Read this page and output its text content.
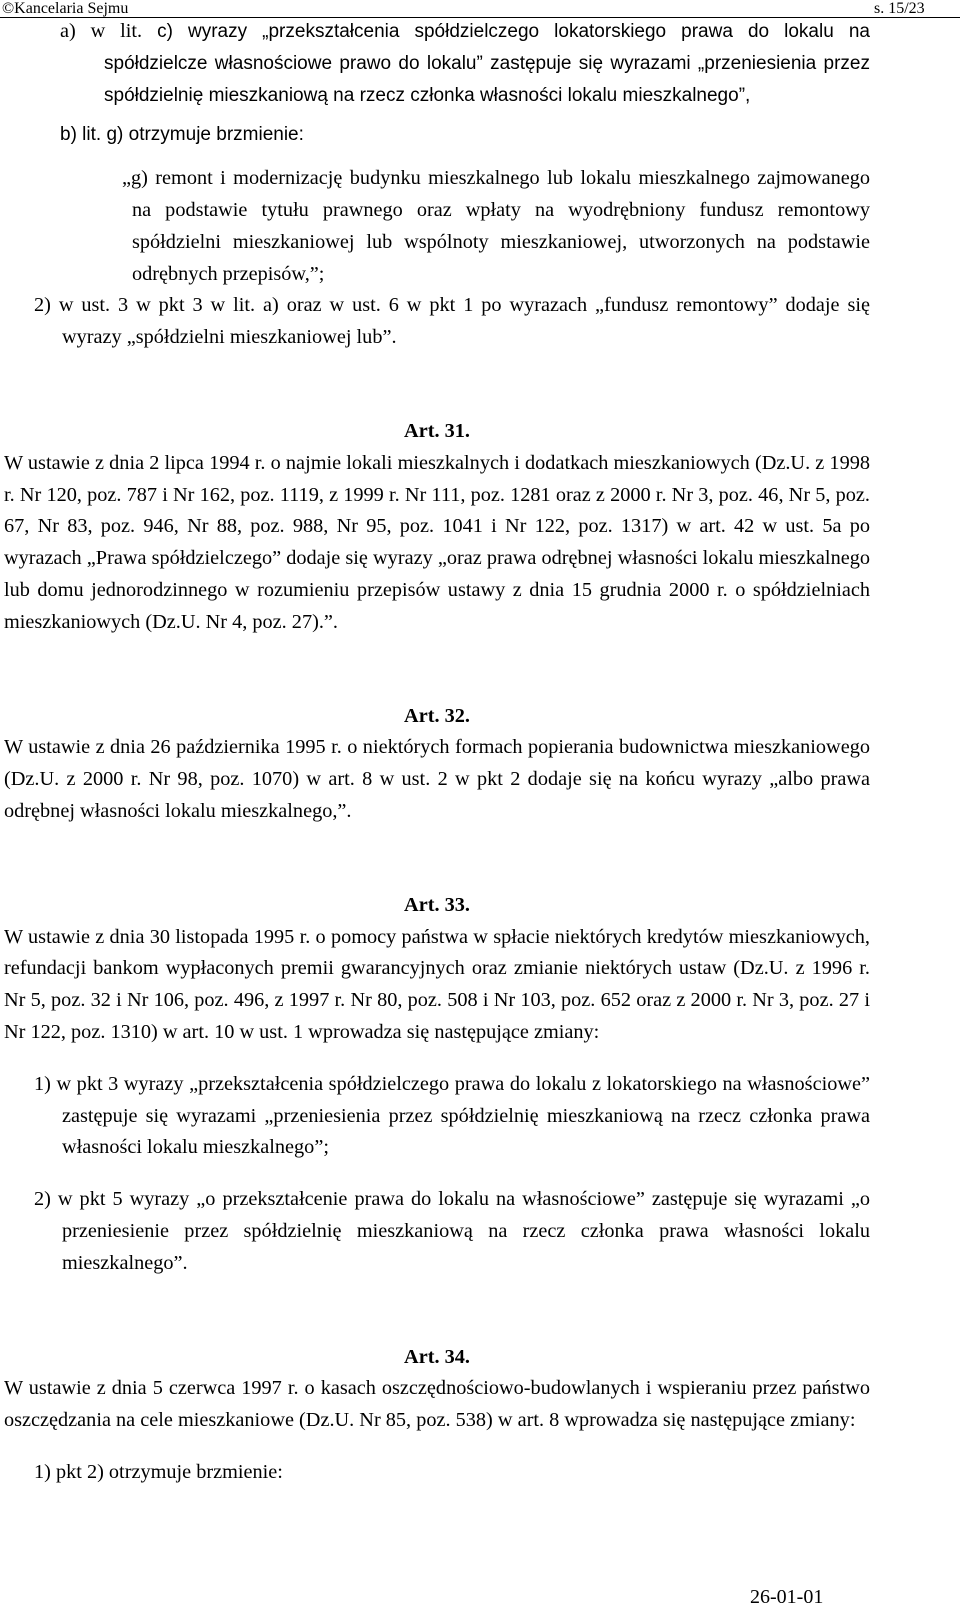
©Kancelaria Sejmu	s. 15/23

a) w lit. c) wyrazy „przekształcenia spółdzielczego lokatorskiego prawa do lokalu na spółdzielcze własnościowe prawo do lokalu” zastępuje się wyrazami „przeniesienia przez spółdzielnię mieszkaniową na rzecz członka własności lokalu mieszkalnego”,

b) lit. g) otrzymuje brzmienie:

„g) remont i modernizację budynku mieszkalnego lub lokalu mieszkalnego zajmowanego na podstawie tytułu prawnego oraz wpłaty na wyodrębniony fundusz remontowy spółdzielni mieszkaniowej lub wspólnoty mieszkaniowej, utworzonych na podstawie odrębnych przepisów,”;

2) w ust. 3 w pkt 3 w lit. a) oraz w ust. 6 w pkt 1 po wyrazach „fundusz remontowy” dodaje się wyrazy „spółdzielni mieszkaniowej lub”.

Art. 31.

W ustawie z dnia 2 lipca 1994 r. o najmie lokali mieszkalnych i dodatkach mieszkaniowych (Dz.U. z 1998 r. Nr 120, poz. 787 i Nr 162, poz. 1119, z 1999 r. Nr 111, poz. 1281 oraz z 2000 r. Nr 3, poz. 46, Nr 5, poz. 67, Nr 83, poz. 946, Nr 88, poz. 988, Nr 95, poz. 1041 i Nr 122, poz. 1317) w art. 42 w ust. 5a po wyrazach „Prawa spółdzielczego” dodaje się wyrazy „oraz prawa odrębnej własności lokalu mieszkalnego lub domu jednorodzinnego w rozumieniu przepisów ustawy z dnia 15 grudnia 2000 r. o spółdzielniach mieszkaniowych (Dz.U. Nr 4, poz. 27).”.

Art. 32.

W ustawie z dnia 26 października 1995 r. o niektórych formach popierania budownictwa mieszkaniowego (Dz.U. z 2000 r. Nr 98, poz. 1070) w art. 8 w ust. 2 w pkt 2 dodaje się na końcu wyrazy „albo prawa odrębnej własności lokalu mieszkalnego,”.

Art. 33.

W ustawie z dnia 30 listopada 1995 r. o pomocy państwa w spłacie niektórych kredytów mieszkaniowych, refundacji bankom wypłaconych premii gwarancyjnych oraz zmianie niektórych ustaw (Dz.U. z 1996 r. Nr 5, poz. 32 i Nr 106, poz. 496, z 1997 r. Nr 80, poz. 508 i Nr 103, poz. 652 oraz z 2000 r. Nr 3, poz. 27 i Nr 122, poz. 1310) w art. 10 w ust. 1 wprowadza się następujące zmiany:

1) w pkt 3 wyrazy „przekształcenia spółdzielczego prawa do lokalu z lokatorskiego na własnościowe” zastępuje się wyrazami „przeniesienia przez spółdzielnię mieszkaniową na rzecz członka prawa własności lokalu mieszkalnego”;

2) w pkt 5 wyrazy „o przekształcenie prawa do lokalu na własnościowe” zastępuje się wyrazami „o przeniesienie przez spółdzielnię mieszkaniową na rzecz członka prawa własności lokalu mieszkalnego”.

Art. 34.

W ustawie z dnia 5 czerwca 1997 r. o kasach oszczędnościowo-budowlanych i wspieraniu przez państwo oszczędzania na cele mieszkaniowe (Dz.U. Nr 85, poz. 538) w art. 8 wprowadza się następujące zmiany:

1) pkt 2) otrzymuje brzmienie:

26-01-01
